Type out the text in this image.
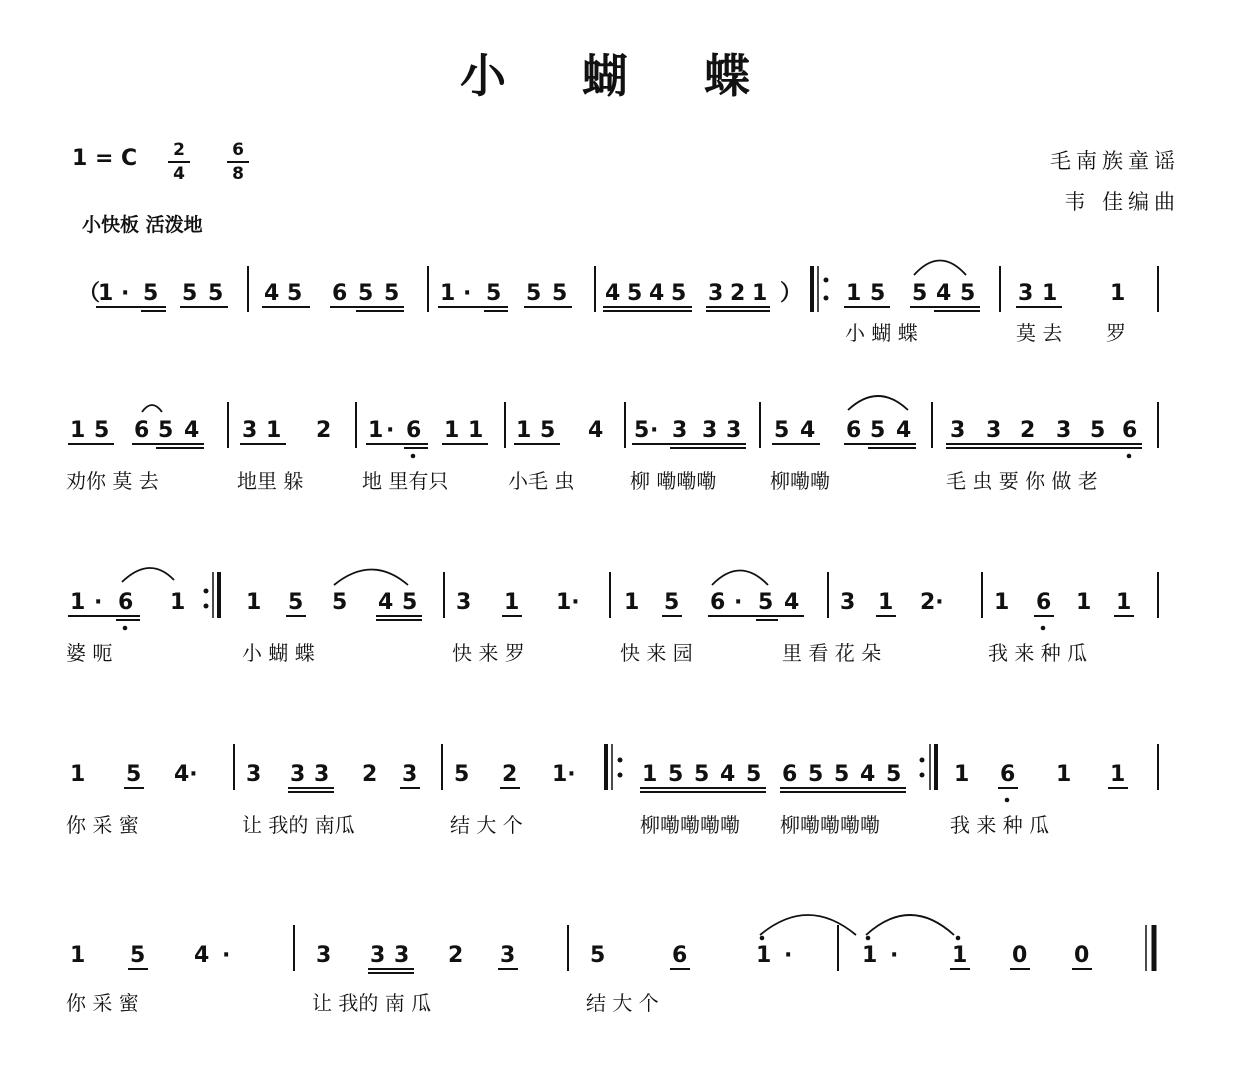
小 蝴 蝶
毛南族童谣
韦 佳编曲
1 = C 2
4
6
8
小快板 活泼地
（
1 · 5 5 5 4 5 6 5 5 1 · 5 5 5 4 5 4 5 3 2 1 ） 1 5 5 4 5 3 1 1
小 蝴 蝶	莫 去 罗
1 5 6 5 4 3 1 2 1 · 6 1 1 1 5 4 5 · 3 3 3 5 4 6 5 4 3 3 2 3 5 6
劝你 莫 去	地里 躲	地 里有只	小毛 虫	柳 嘞嘞嘞	柳嘞嘞	毛 虫 要 你 做 老
1 · 6 1	1 5 5 4 5 3 1 1· 1 5 6 · 5 4 3 1 2· 1 6 1 1
婆 呃	小 蝴 蝶	快 来 罗	快 来 园	里 看 花 朵	我 来 种 瓜
1 5 4· 3 3 3 2 3 5 2 1·	1 5 5 4 5 6 5 5 4 5 1 6 1 1
你 采 蜜	让 我的 南瓜	结 大 个	柳嘞嘞嘞嘞 柳嘞嘞嘞嘞	我 来 种 瓜
1 5 4 ·	3 3 3 2 3	5	6	1 ·	1 · 1 0 0
你 采 蜜	让 我的 南 瓜	结 大 个
